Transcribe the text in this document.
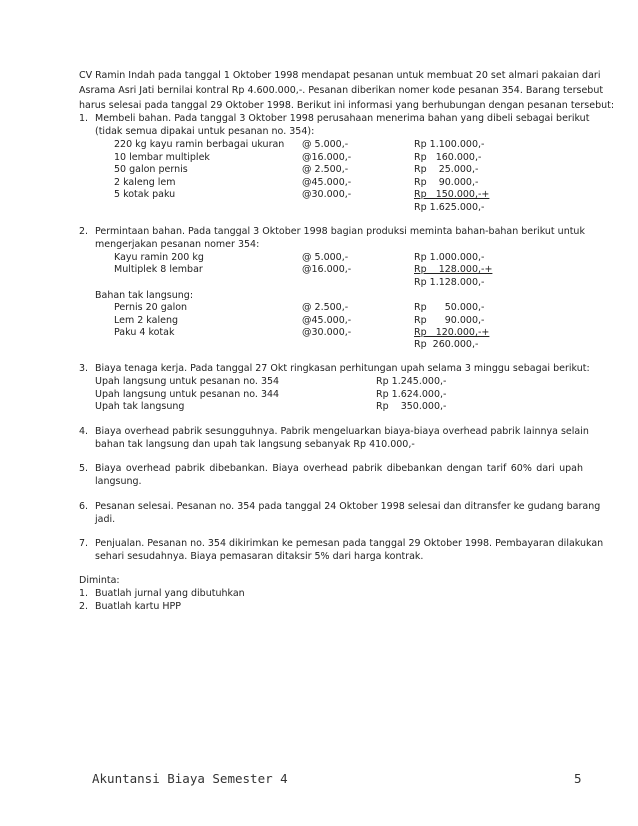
CV Ramin Indah pada tanggal 1 Oktober 1998 mendapat pesanan untuk membuat 20 set almari pakaian dari
Asrama Asri Jati bernilai kontral Rp 4.600.000,-. Pesanan diberikan nomer kode pesanan 354. Barang tersebut
harus selesai pada tanggal 29 Oktober 1998. Berikut ini informasi yang berhubungan dengan pesanan tersebut:
1. Membeli bahan. Pada tanggal 3 Oktober 1998 perusahaan menerima bahan yang dibeli sebagai berikut
(tidak semua dipakai untuk pesanan no. 354):
220 kg kayu ramin berbagai ukuran @ 5.000,-	Rp 1.100.000,-
10 lembar multiplek	@16.000,-	Rp   160.000,-
50 galon pernis	@ 2.500,-	Rp    25.000,-
2 kaleng lem	@45.000,-	Rp    90.000,-
5 kotak paku	@30.000,-	Rp   150.000,-+
Rp 1.625.000,-
2. Permintaan bahan. Pada tanggal 3 Oktober 1998 bagian produksi meminta bahan-bahan berikut untuk
mengerjakan pesanan nomer 354:
Kayu ramin 200 kg	@ 5.000,-	Rp 1.000.000,-
Multiplek 8 lembar	@16.000,-	Rp    128.000,-+
Rp 1.128.000,-
Bahan tak langsung:
Pernis 20 galon	@ 2.500,-	Rp      50.000,-
Lem 2 kaleng	@45.000,-	Rp      90.000,-
Paku 4 kotak	@30.000,-	Rp   120.000,-+
Rp  260.000,-
3. Biaya tenaga kerja. Pada tanggal 27 Okt ringkasan perhitungan upah selama 3 minggu sebagai berikut:
Upah langsung untuk pesanan no. 354	Rp 1.245.000,-
Upah langsung untuk pesanan no. 344	Rp 1.624.000,-
Upah tak langsung	Rp    350.000,-
4. Biaya overhead pabrik sesungguhnya. Pabrik mengeluarkan biaya-biaya overhead pabrik lainnya selain
bahan tak langsung dan upah tak langsung sebanyak Rp 410.000,-
5. Biaya overhead pabrik dibebankan. Biaya overhead pabrik dibebankan dengan tarif 60% dari upah
langsung.
6. Pesanan selesai. Pesanan no. 354 pada tanggal 24 Oktober 1998 selesai dan ditransfer ke gudang barang
jadi.
7. Penjualan. Pesanan no. 354 dikirimkan ke pemesan pada tanggal 29 Oktober 1998. Pembayaran dilakukan
sehari sesudahnya. Biaya pemasaran ditaksir 5% dari harga kontrak.
Diminta:
1. Buatlah jurnal yang dibutuhkan
2. Buatlah kartu HPP
Akuntansi Biaya Semester 4	5
